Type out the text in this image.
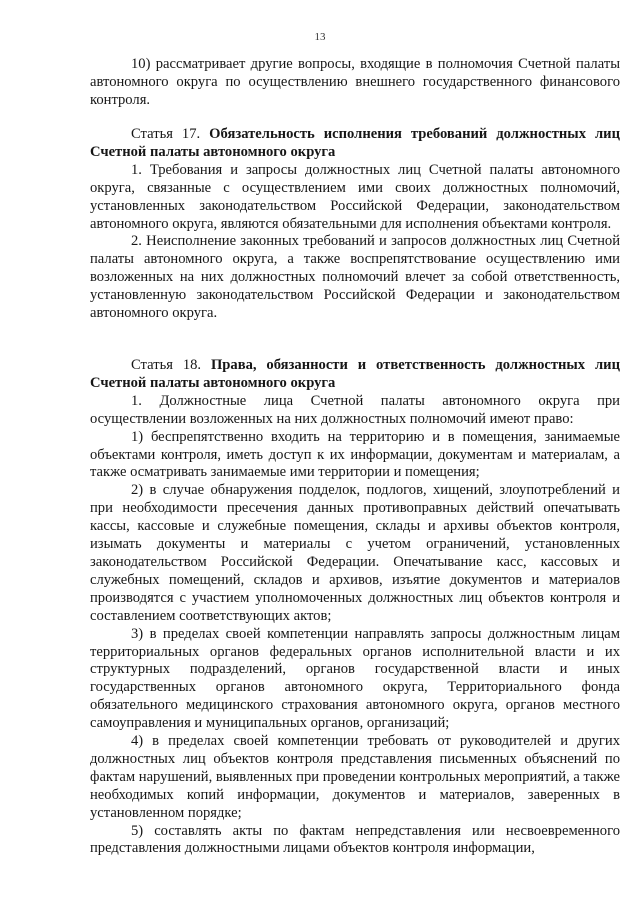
13

10) рассматривает другие вопросы, входящие в полномочия Счетной палаты автономного округа по осуществлению внешнего государственного финансового контроля.

Статья 17. Обязательность исполнения требований должностных лиц Счетной палаты автономного округа

1. Требования и запросы должностных лиц Счетной палаты автономного округа, связанные с осуществлением ими своих должностных полномочий, установленных законодательством Российской Федерации, законодательством автономного округа, являются обязательными для исполнения объектами контроля.

2. Неисполнение законных требований и запросов должностных лиц Счетной палаты автономного округа, а также воспрепятствование осуществлению ими возложенных на них должностных полномочий влечет за собой ответственность, установленную законодательством Российской Федерации и законодательством автономного округа.

Статья 18. Права, обязанности и ответственность должностных лиц Счетной палаты автономного округа

1. Должностные лица Счетной палаты автономного округа при осуществлении возложенных на них должностных полномочий имеют право:

1) беспрепятственно входить на территорию и в помещения, занимаемые объектами контроля, иметь доступ к их информации, документам и материалам, а также осматривать занимаемые ими территории и помещения;

2) в случае обнаружения подделок, подлогов, хищений, злоупотреблений и при необходимости пресечения данных противоправных действий опечатывать кассы, кассовые и служебные помещения, склады и архивы объектов контроля, изымать документы и материалы с учетом ограничений, установленных законодательством Российской Федерации. Опечатывание касс, кассовых и служебных помещений, складов и архивов, изъятие документов и материалов производятся с участием уполномоченных должностных лиц объектов контроля и составлением соответствующих актов;

3) в пределах своей компетенции направлять запросы должностным лицам территориальных органов федеральных органов исполнительной власти и их структурных подразделений, органов государственной власти и иных государственных органов автономного округа, Территориального фонда обязательного медицинского страхования автономного округа, органов местного самоуправления и муниципальных органов, организаций;

4) в пределах своей компетенции требовать от руководителей и других должностных лиц объектов контроля представления письменных объяснений по фактам нарушений, выявленных при проведении контрольных мероприятий, а также необходимых копий информации, документов и материалов, заверенных в установленном порядке;

5) составлять акты по фактам непредставления или несвоевременного представления должностными лицами объектов контроля информации,
